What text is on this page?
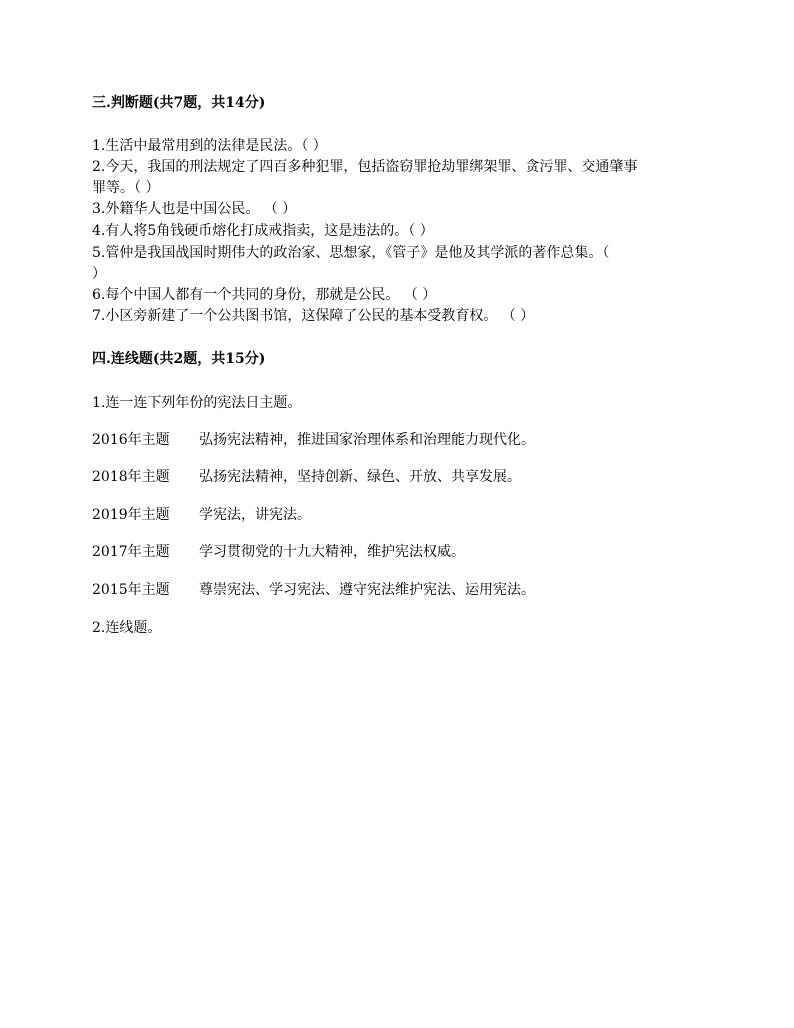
三.判断题(共7题，共14分)
1.生活中最常用到的法律是民法。（ ）
2.今天，我国的刑法规定了四百多种犯罪，包括盗窃罪抢劫罪绑架罪、贪污罪、交通肇事
罪等。（ ）
3.外籍华人也是中国公民。 （ ）
4.有人将5角钱硬币熔化打成戒指卖，这是违法的。（ ）
5.管仲是我国战国时期伟大的政治家、思想家，《管子》是他及其学派的著作总集。（
）
6.每个中国人都有一个共同的身份，那就是公民。 （ ）
7.小区旁新建了一个公共图书馆，这保障了公民的基本受教育权。 （ ）
四.连线题(共2题，共15分)
1.连一连下列年份的宪法日主题。
2016年主题 弘扬宪法精神，推进国家治理体系和治理能力现代化。
2018年主题 弘扬宪法精神，坚持创新、绿色、开放、共享发展。
2019年主题 学宪法，讲宪法。
2017年主题 学习贯彻党的十九大精神，维护宪法权威。
2015年主题 尊崇宪法、学习宪法、遵守宪法维护宪法、运用宪法。
2.连线题。
